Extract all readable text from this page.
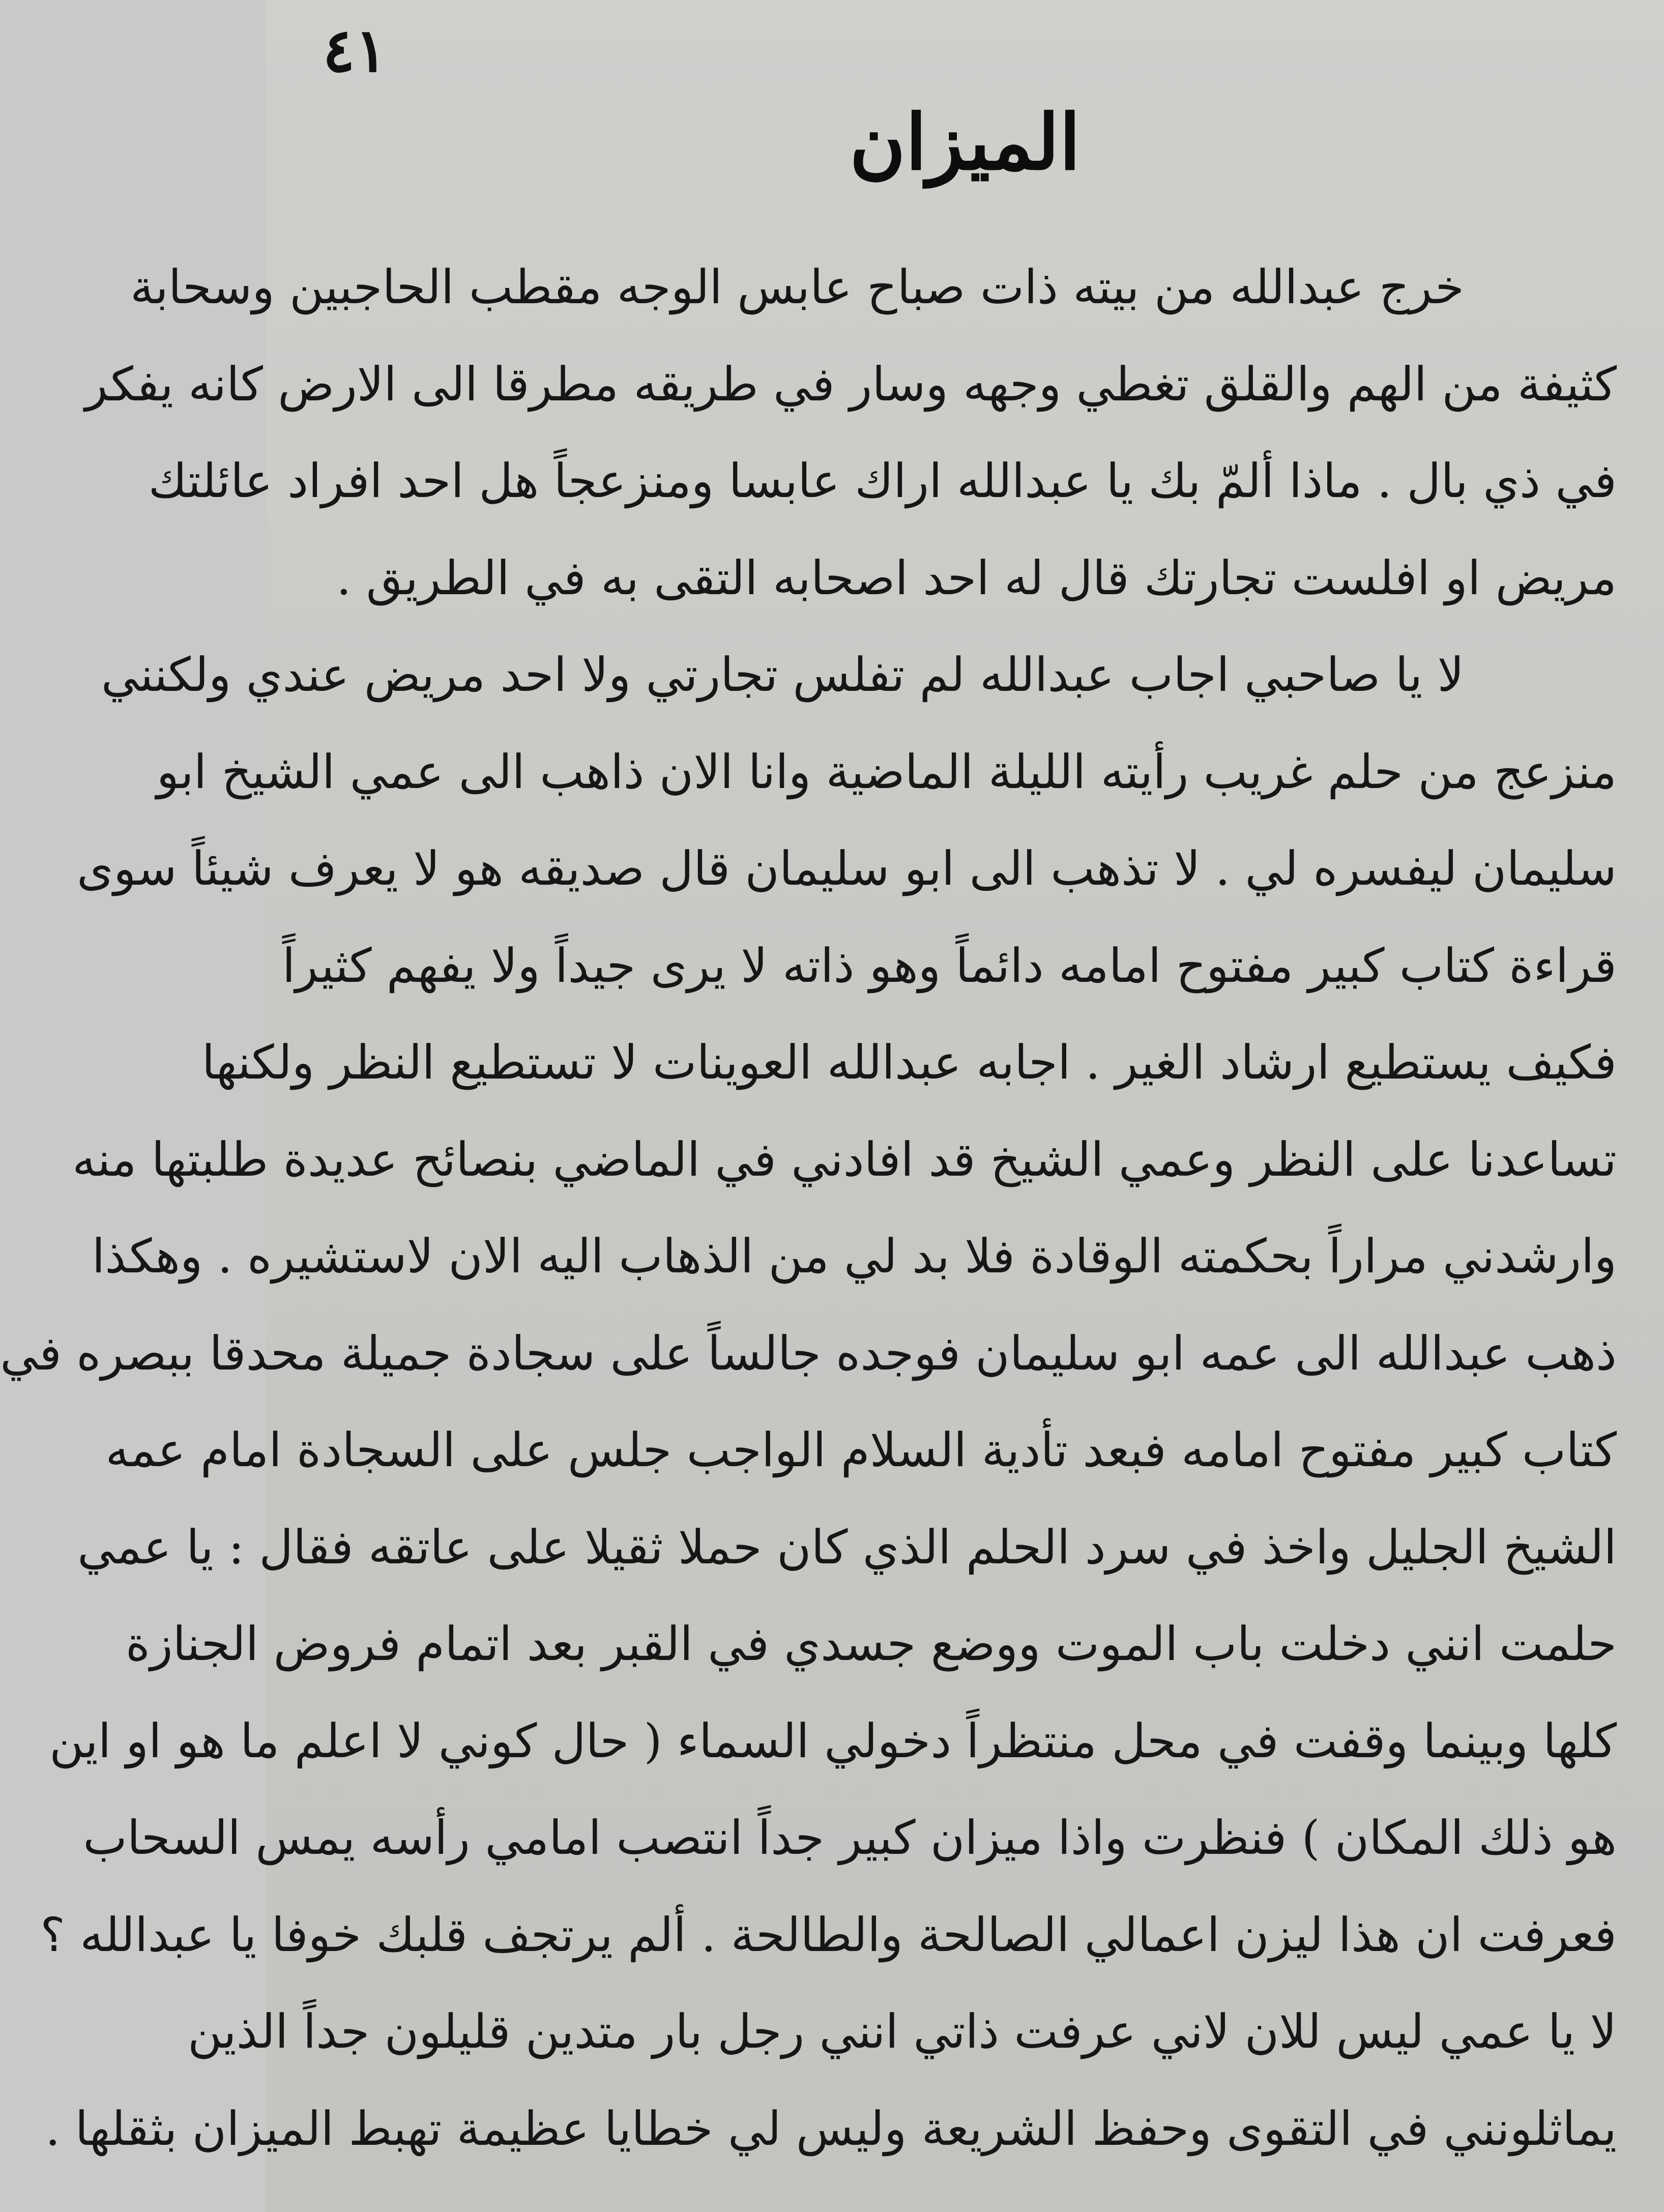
٤١
الميزان
خرج عبدالله من بيته ذات صباح عابس الوجه مقطب الحاجبين وسحابة
كثيفة من الهم والقلق تغطي وجهه وسار في طريقه مطرقا الى الارض كانه يفكر
في ذي بال . ماذا ألمّ بك يا عبدالله اراك عابسا ومنزعجاً هل احد افراد عائلتك
مريض او افلست تجارتك قال له احد اصحابه التقى به في الطريق .
لا يا صاحبي اجاب عبدالله لم تفلس تجارتي ولا احد مريض عندي ولكنني
منزعج من حلم غريب رأيته الليلة الماضية وانا الان ذاهب الى عمي الشيخ ابو
سليمان ليفسره لي . لا تذهب الى ابو سليمان قال صديقه هو لا يعرف شيئاً سوى
قراءة كتاب كبير مفتوح امامه دائماً وهو ذاته لا يرى جيداً ولا يفهم كثيراً
فكيف يستطيع ارشاد الغير . اجابه عبدالله العوينات لا تستطيع النظر ولكنها
تساعدنا على النظر وعمي الشيخ قد افادني في الماضي بنصائح عديدة طلبتها منه
وارشدني مراراً بحكمته الوقادة فلا بد لي من الذهاب اليه الان لاستشيره . وهكذا
ذهب عبدالله الى عمه ابو سليمان فوجده جالساً على سجادة جميلة محدقا ببصره في
كتاب كبير مفتوح امامه فبعد تأدية السلام الواجب جلس على السجادة امام عمه
الشيخ الجليل واخذ في سرد الحلم الذي كان حملا ثقيلا على عاتقه فقال : يا عمي
حلمت انني دخلت باب الموت ووضع جسدي في القبر بعد اتمام فروض الجنازة
كلها وبينما وقفت في محل منتظراً دخولي السماء ( حال كوني لا اعلم ما هو او اين
هو ذلك المكان ) فنظرت واذا ميزان كبير جداً انتصب امامي رأسه يمس السحاب
فعرفت ان هذا ليزن اعمالي الصالحة والطالحة . ألم يرتجف قلبك خوفا يا عبدالله ؟
لا يا عمي ليس للان لاني عرفت ذاتي انني رجل بار متدين قليلون جداً الذين
يماثلونني في التقوى وحفظ الشريعة وليس لي خطايا عظيمة تهبط الميزان بثقلها .
